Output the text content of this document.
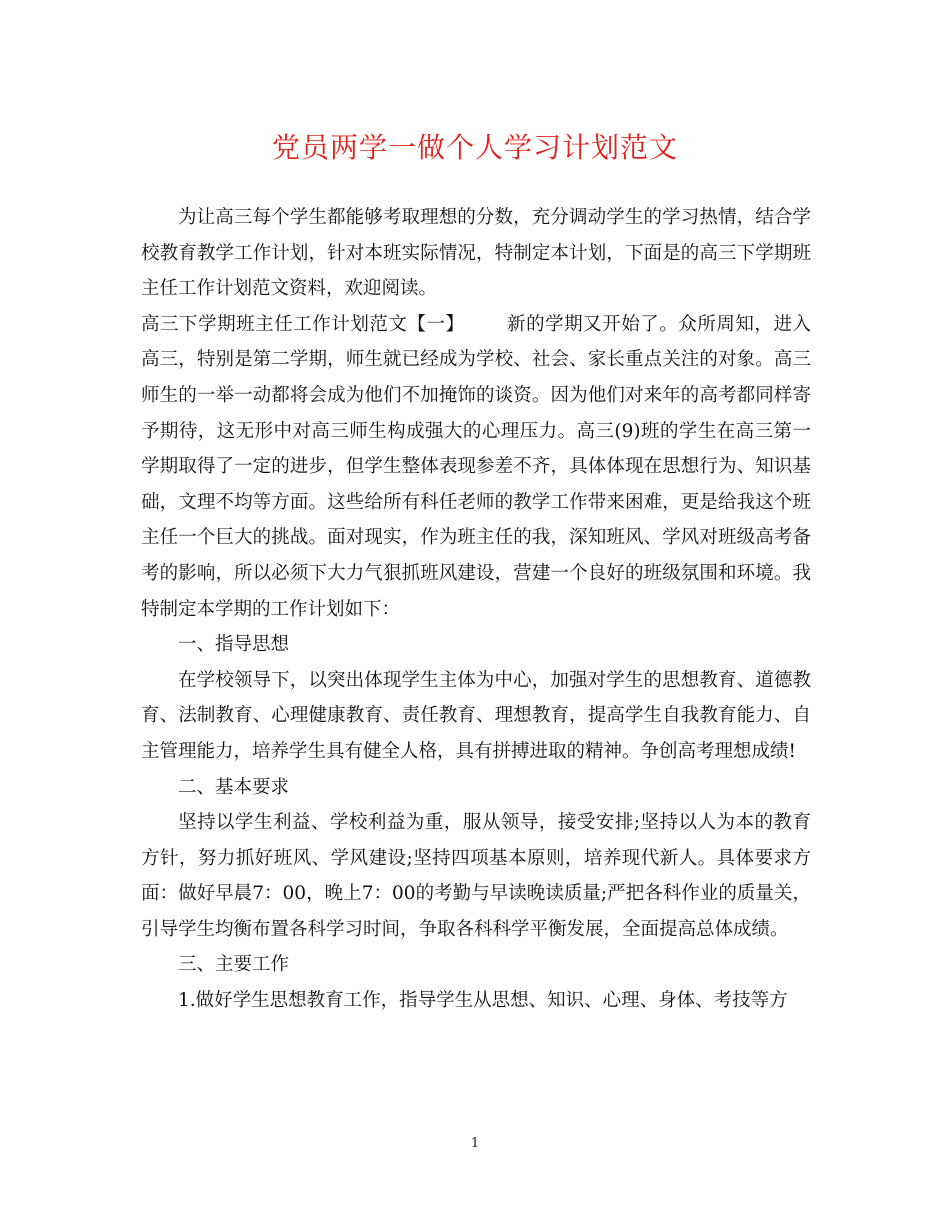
党员两学一做个人学习计划范文

为让高三每个学生都能够考取理想的分数，充分调动学生的学习热情，结合学校教育教学工作计划，针对本班实际情况，特制定本计划，下面是的高三下学期班主任工作计划范文资料，欢迎阅读。

高三下学期班主任工作计划范文【一】 新的学期又开始了。众所周知，进入高三，特别是第二学期，师生就已经成为学校、社会、家长重点关注的对象。高三师生的一举一动都将会成为他们不加掩饰的谈资。因为他们对来年的高考都同样寄予期待，这无形中对高三师生构成强大的心理压力。高三(9)班的学生在高三第一学期取得了一定的进步，但学生整体表现参差不齐，具体体现在思想行为、知识基础，文理不均等方面。这些给所有科任老师的教学工作带来困难，更是给我这个班主任一个巨大的挑战。面对现实，作为班主任的我，深知班风、学风对班级高考备考的影响，所以必须下大力气狠抓班风建设，营建一个良好的班级氛围和环境。我特制定本学期的工作计划如下：

一、指导思想

在学校领导下，以突出体现学生主体为中心，加强对学生的思想教育、道德教育、法制教育、心理健康教育、责任教育、理想教育，提高学生自我教育能力、自主管理能力，培养学生具有健全人格，具有拼搏进取的精神。争创高考理想成绩!

二、基本要求

坚持以学生利益、学校利益为重，服从领导，接受安排;坚持以人为本的教育方针，努力抓好班风、学风建设;坚持四项基本原则，培养现代新人。具体要求方面：做好早晨7：00，晚上7：00的考勤与早读晚读质量;严把各科作业的质量关，引导学生均衡布置各科学习时间，争取各科科学平衡发展，全面提高总体成绩。

三、主要工作

1.做好学生思想教育工作，指导学生从思想、知识、心理、身体、考技等方

1
